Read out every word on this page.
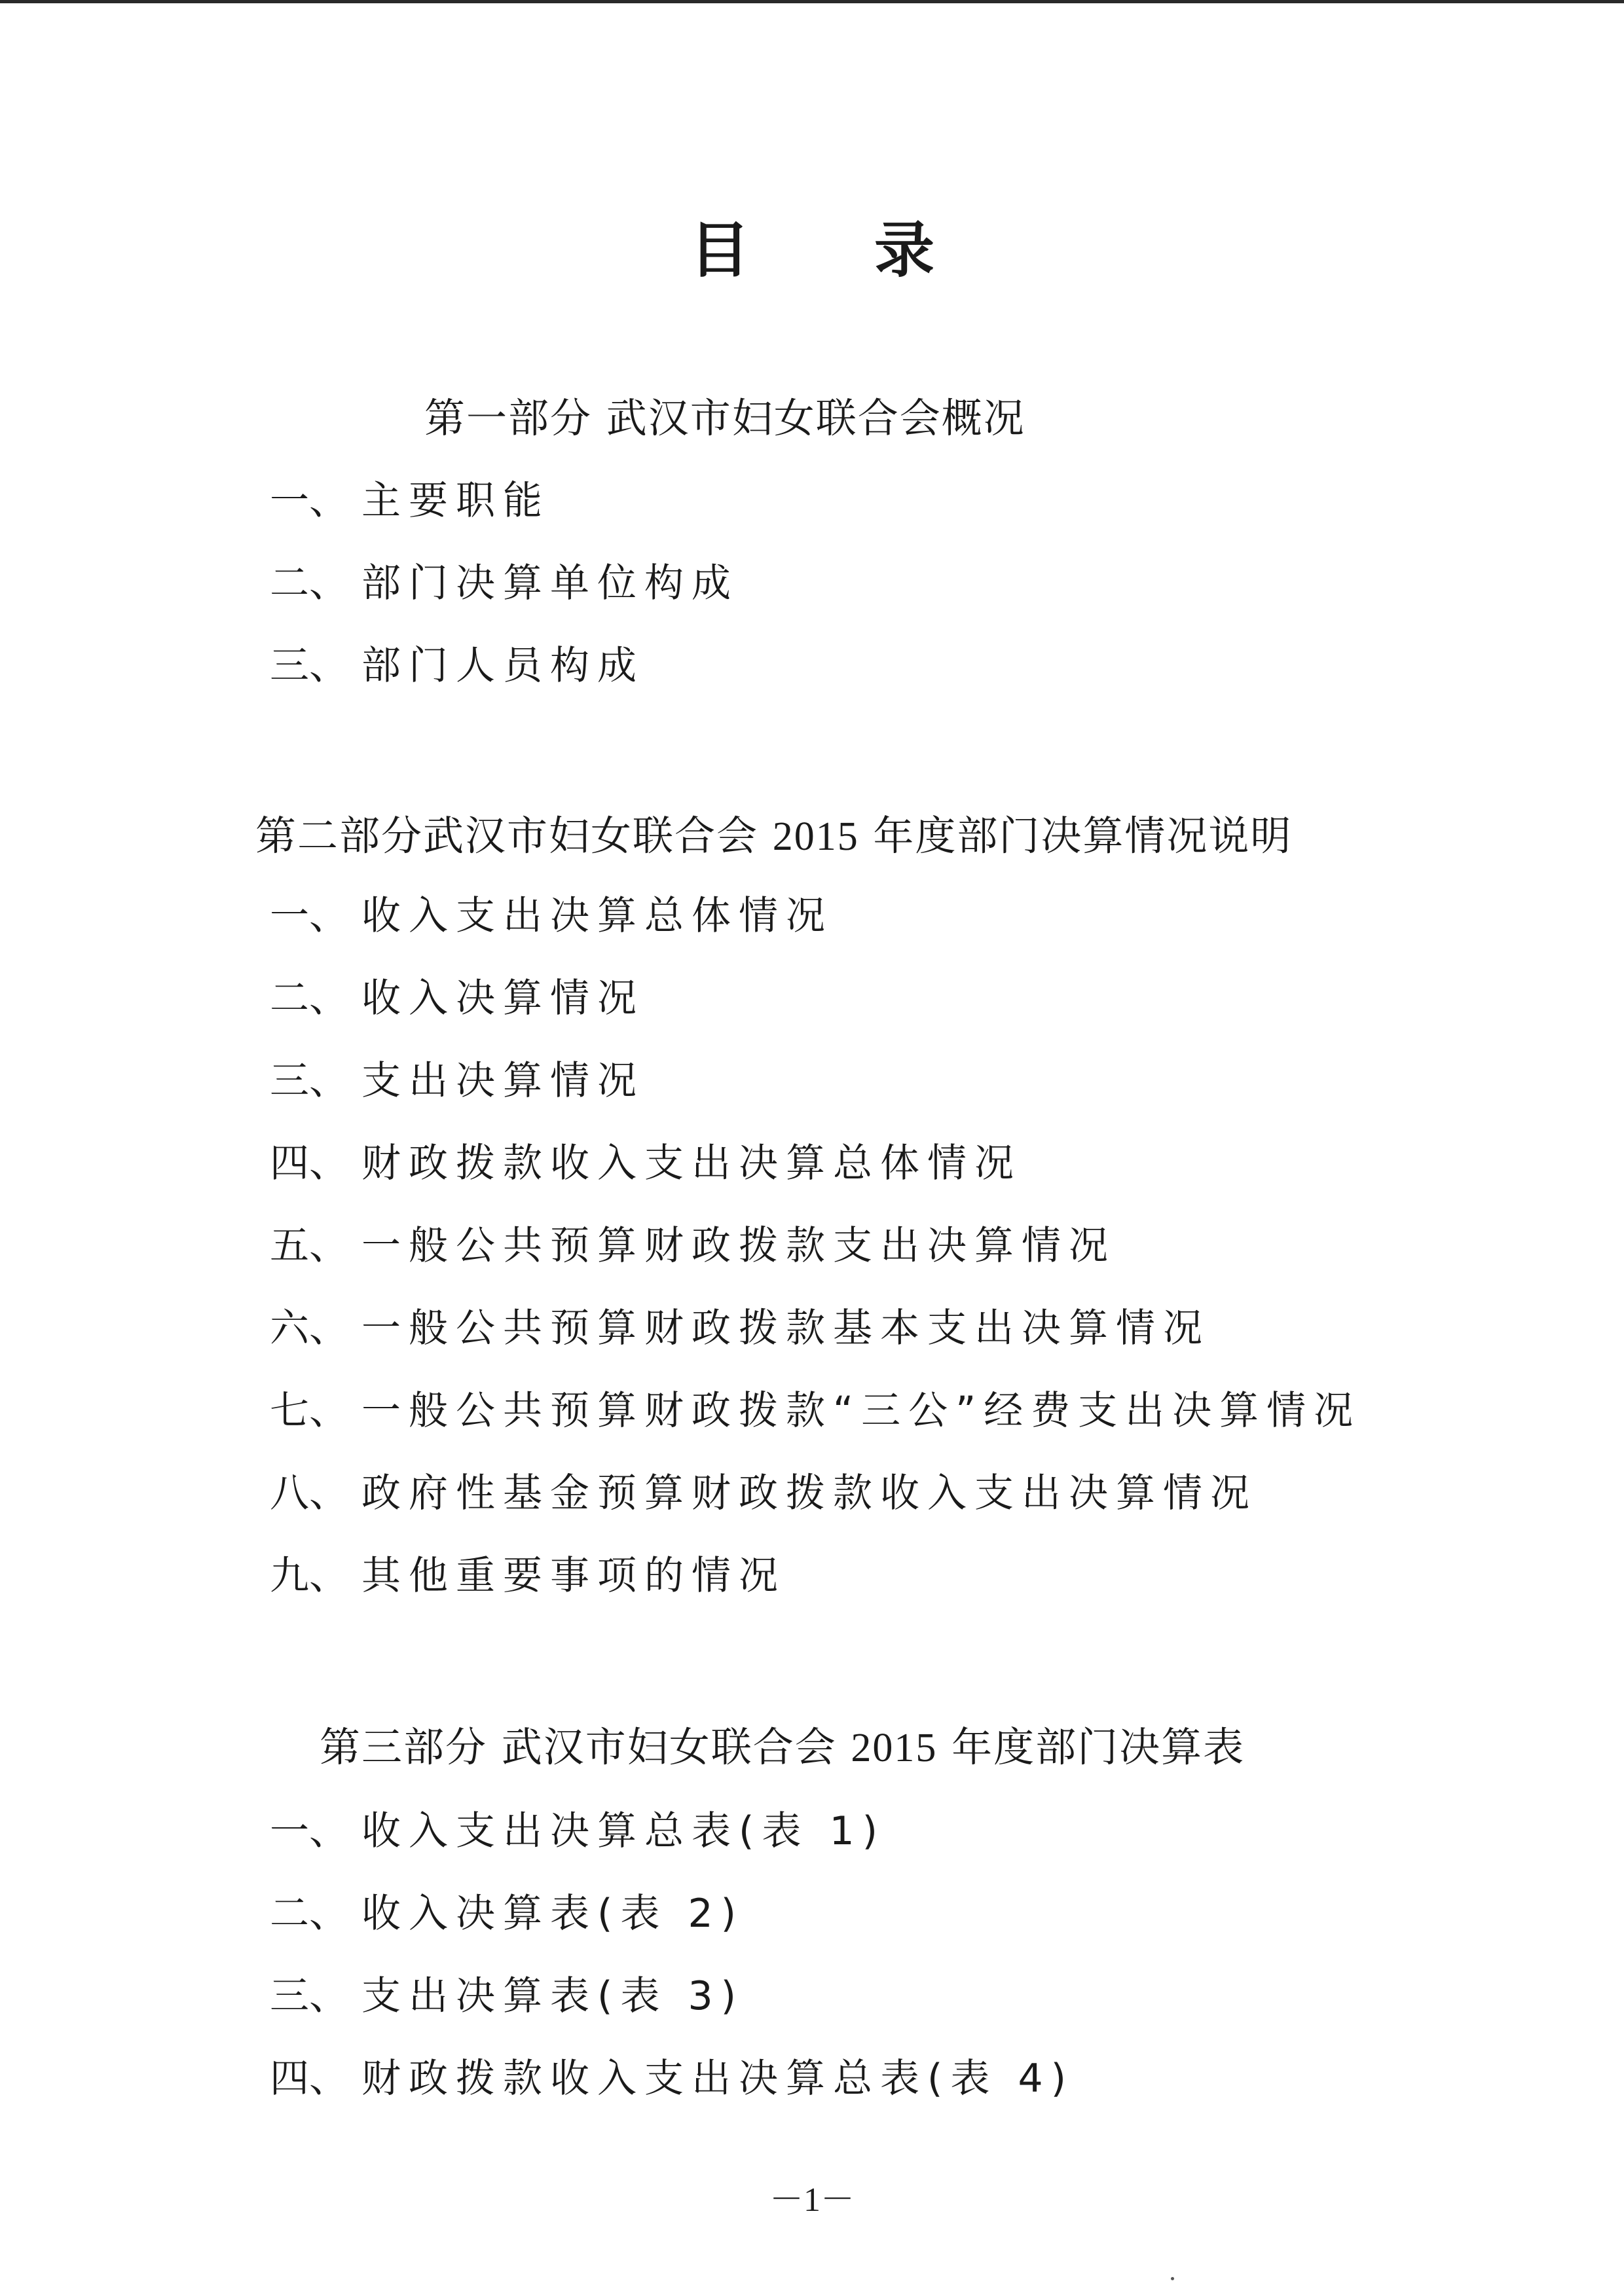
目录
第一部分 武汉市妇女联合会概况
一、 主要职能
二、 部门决算单位构成
三、 部门人员构成
第二部分武汉市妇女联合会 2015 年度部门决算情况说明
一、 收入支出决算总体情况
二、 收入决算情况
三、 支出决算情况
四、 财政拨款收入支出决算总体情况
五、 一般公共预算财政拨款支出决算情况
六、 一般公共预算财政拨款基本支出决算情况
七、 一般公共预算财政拨款“三公”经费支出决算情况
八、 政府性基金预算财政拨款收入支出决算情况
九、 其他重要事项的情况
第三部分 武汉市妇女联合会 2015 年度部门决算表
一、 收入支出决算总表(表 1)
二、 收入决算表(表 2)
三、 支出决算表(表 3)
四、 财政拨款收入支出决算总表(表 4)
－1－
